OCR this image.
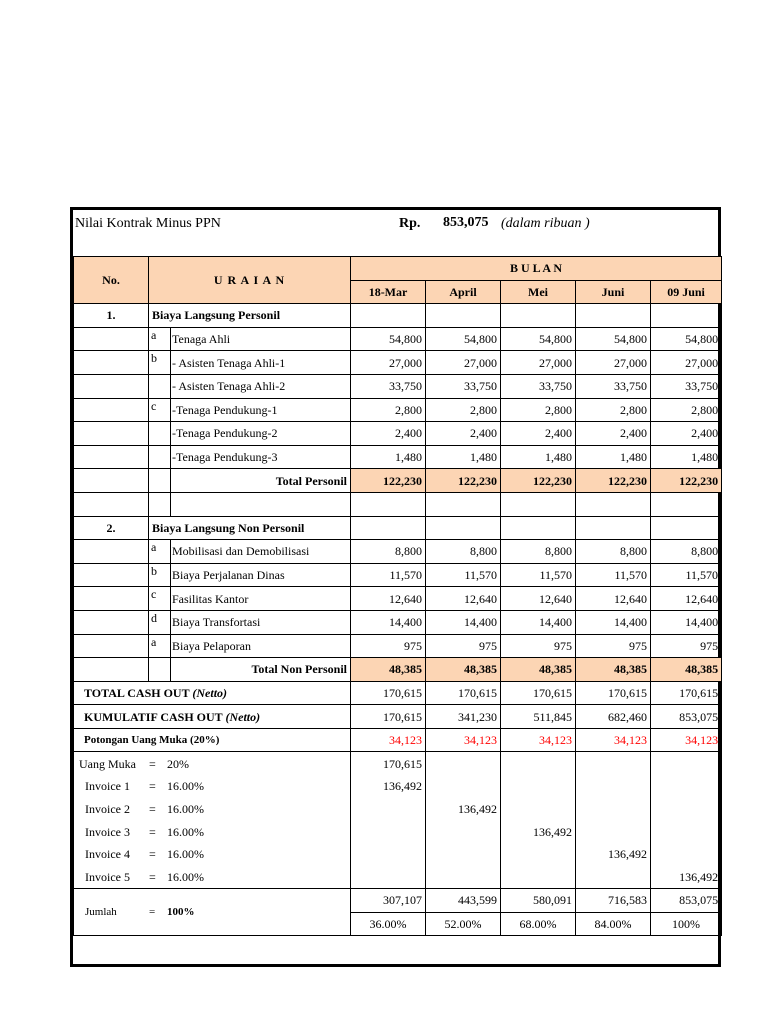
Nilai Kontrak Minus PPN	Rp. 853,075 (dalam ribuan )
No.	U R A I A N		B U L A N				
			18-Mar	April	Mei	Juni	09 Juni
1.	Biaya Langsung Personil						
	a	Tenaga Ahli	54,800	54,800	54,800	54,800	54,800
	b	- Asisten Tenaga Ahli-1	27,000	27,000	27,000	27,000	27,000
		- Asisten Tenaga Ahli-2	33,750	33,750	33,750	33,750	33,750
	c	-Tenaga Pendukung-1	2,800	2,800	2,800	2,800	2,800
		-Tenaga Pendukung-2	2,400	2,400	2,400	2,400	2,400
		-Tenaga Pendukung-3	1,480	1,480	1,480	1,480	1,480
		Total Personil	122,230	122,230	122,230	122,230	122,230

2.	Biaya Langsung Non Personil						
	a	Mobilisasi dan Demobilisasi	8,800	8,800	8,800	8,800	8,800
	b	Biaya Perjalanan Dinas	11,570	11,570	11,570	11,570	11,570
	c	Fasilitas Kantor	12,640	12,640	12,640	12,640	12,640
	d	Biaya Transfortasi	14,400	14,400	14,400	14,400	14,400
	a	Biaya Pelaporan	975	975	975	975	975
		Total Non Personil	48,385	48,385	48,385	48,385	48,385
TOTAL CASH OUT (Netto)			170,615	170,615	170,615	170,615	170,615
KUMULATIF CASH OUT (Netto)			170,615	341,230	511,845	682,460	853,075
Potongan Uang Muka (20%)			34,123	34,123	34,123	34,123	34,123
Uang Muka = 20%			170,615				
Invoice 1 = 16.00%			136,492				
Invoice 2 = 16.00%				136,492			
Invoice 3 = 16.00%					136,492		
Invoice 4 = 16.00%						136,492	
Invoice 5 = 16.00%							136,492
Jumlah = 100%			307,107	443,599	580,091	716,583	853,075
			36.00%	52.00%	68.00%	84.00%	100%
